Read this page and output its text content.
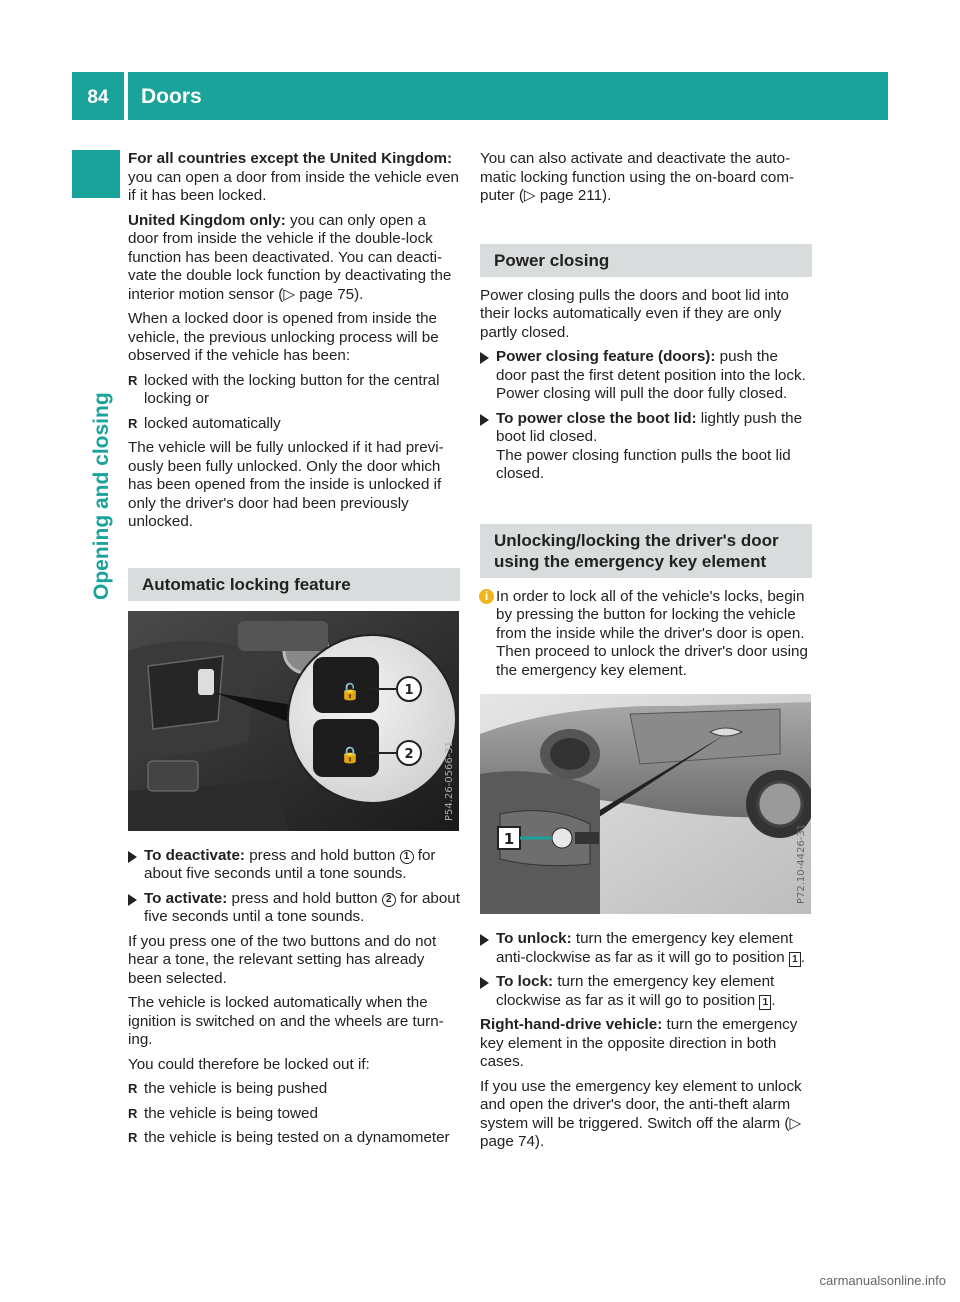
84	Doors
Opening and closing

For all countries except the United Kingdom: you can open a door from inside the vehicle even if it has been locked.

United Kingdom only: you can only open a door from inside the vehicle if the double-lock function has been deactivated. You can deacti-vate the double lock function by deactivating the interior motion sensor (▷ page 75).

When a locked door is opened from inside the vehicle, the previous unlocking process will be observed if the vehicle has been:

R locked with the locking button for the central locking or
R locked automatically

The vehicle will be fully unlocked if it had previ-ously been fully unlocked. Only the door which has been opened from the inside is unlocked if only the driver's door had been previously unlocked.

Automatic locking feature
🔓
🔒
1
2	P54.26-0566-31
To deactivate: press and hold button 1 for about five seconds until a tone sounds.
To activate: press and hold button 2 for about five seconds until a tone sounds.

If you press one of the two buttons and do not hear a tone, the relevant setting has already been selected.

The vehicle is locked automatically when the ignition is switched on and the wheels are turn-ing.

You could therefore be locked out if:

R the vehicle is being pushed
R the vehicle is being towed
R the vehicle is being tested on a dynamometer

You can also activate and deactivate the auto-matic locking function using the on-board com-puter (▷ page 211).

Power closing

Power closing pulls the doors and boot lid into their locks automatically even if they are only partly closed.

Power closing feature (doors): push the door past the first detent position into the lock.
Power closing will pull the door fully closed.
To power close the boot lid: lightly push the boot lid closed.
The power closing function pulls the boot lid closed.
Unlocking/locking the driver's door using the emergency key element
i In order to lock all of the vehicle's locks, begin by pressing the button for locking the vehicle from the inside while the driver's door is open. Then proceed to unlock the driver's door using the emergency key element.
1	P72.10-4426-31
To unlock: turn the emergency key element anti-clockwise as far as it will go to position 1 .
To lock: turn the emergency key element clockwise as far as it will go to position 1 .

Right-hand-drive vehicle: turn the emergency key element in the opposite direction in both cases.

If you use the emergency key element to unlock and open the driver's door, the anti-theft alarm system will be triggered. Switch off the alarm (▷ page 74).

carmanualsonline.info
